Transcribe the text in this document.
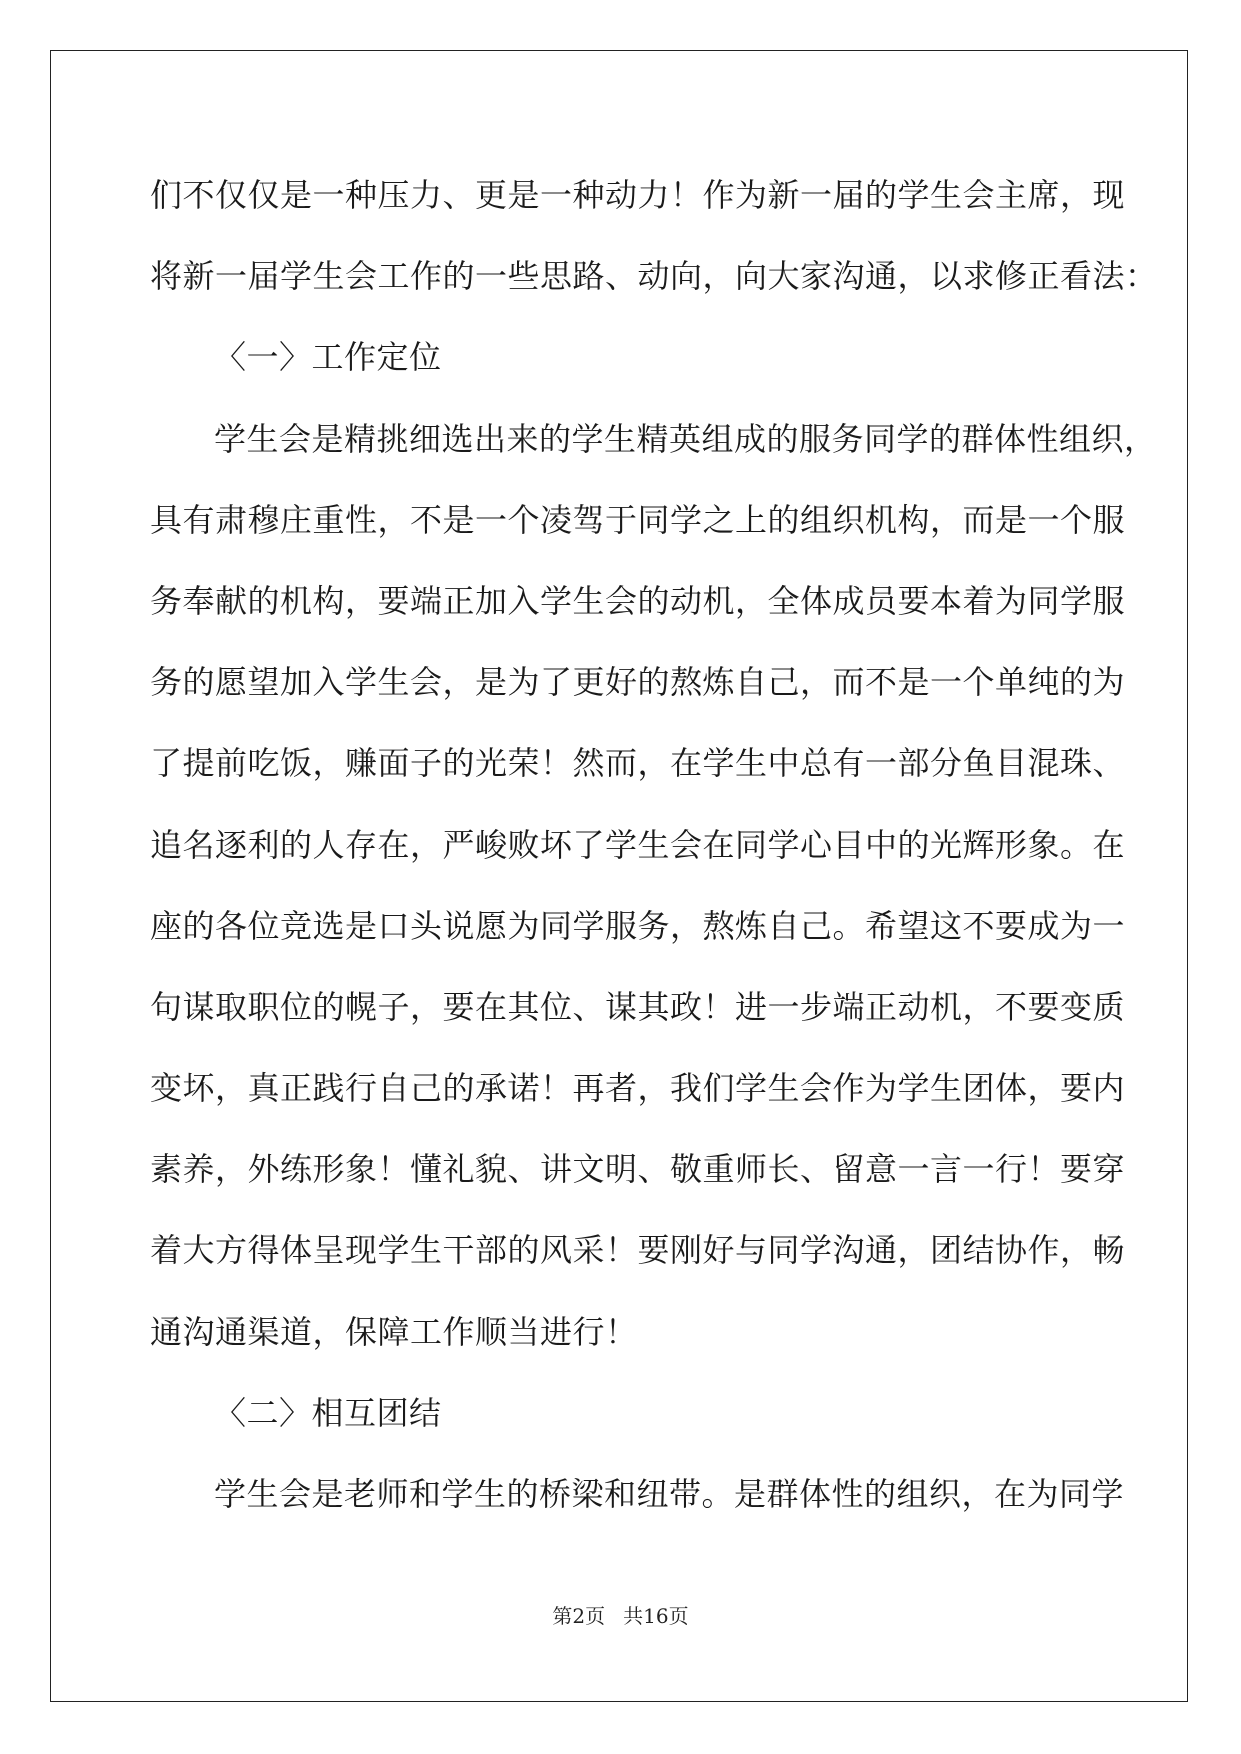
们不仅仅是一种压力、更是一种动力！作为新一届的学生会主席，现
将新一届学生会工作的一些思路、动向，向大家沟通，以求修正看法：
〈一〉工作定位
学生会是精挑细选出来的学生精英组成的服务同学的群体性组织，
具有肃穆庄重性，不是一个凌驾于同学之上的组织机构，而是一个服
务奉献的机构，要端正加入学生会的动机，全体成员要本着为同学服
务的愿望加入学生会，是为了更好的熬炼自己，而不是一个单纯的为
了提前吃饭，赚面子的光荣！然而，在学生中总有一部分鱼目混珠、
追名逐利的人存在，严峻败坏了学生会在同学心目中的光辉形象。在
座的各位竞选是口头说愿为同学服务，熬炼自己。希望这不要成为一
句谋取职位的幌子，要在其位、谋其政！进一步端正动机，不要变质
变坏，真正践行自己的承诺！再者，我们学生会作为学生团体，要内
素养，外练形象！懂礼貌、讲文明、敬重师长、留意一言一行！要穿
着大方得体呈现学生干部的风采！要刚好与同学沟通，团结协作，畅
通沟通渠道，保障工作顺当进行！
〈二〉相互团结
学生会是老师和学生的桥梁和纽带。是群体性的组织，在为同学
第2页 共16页
